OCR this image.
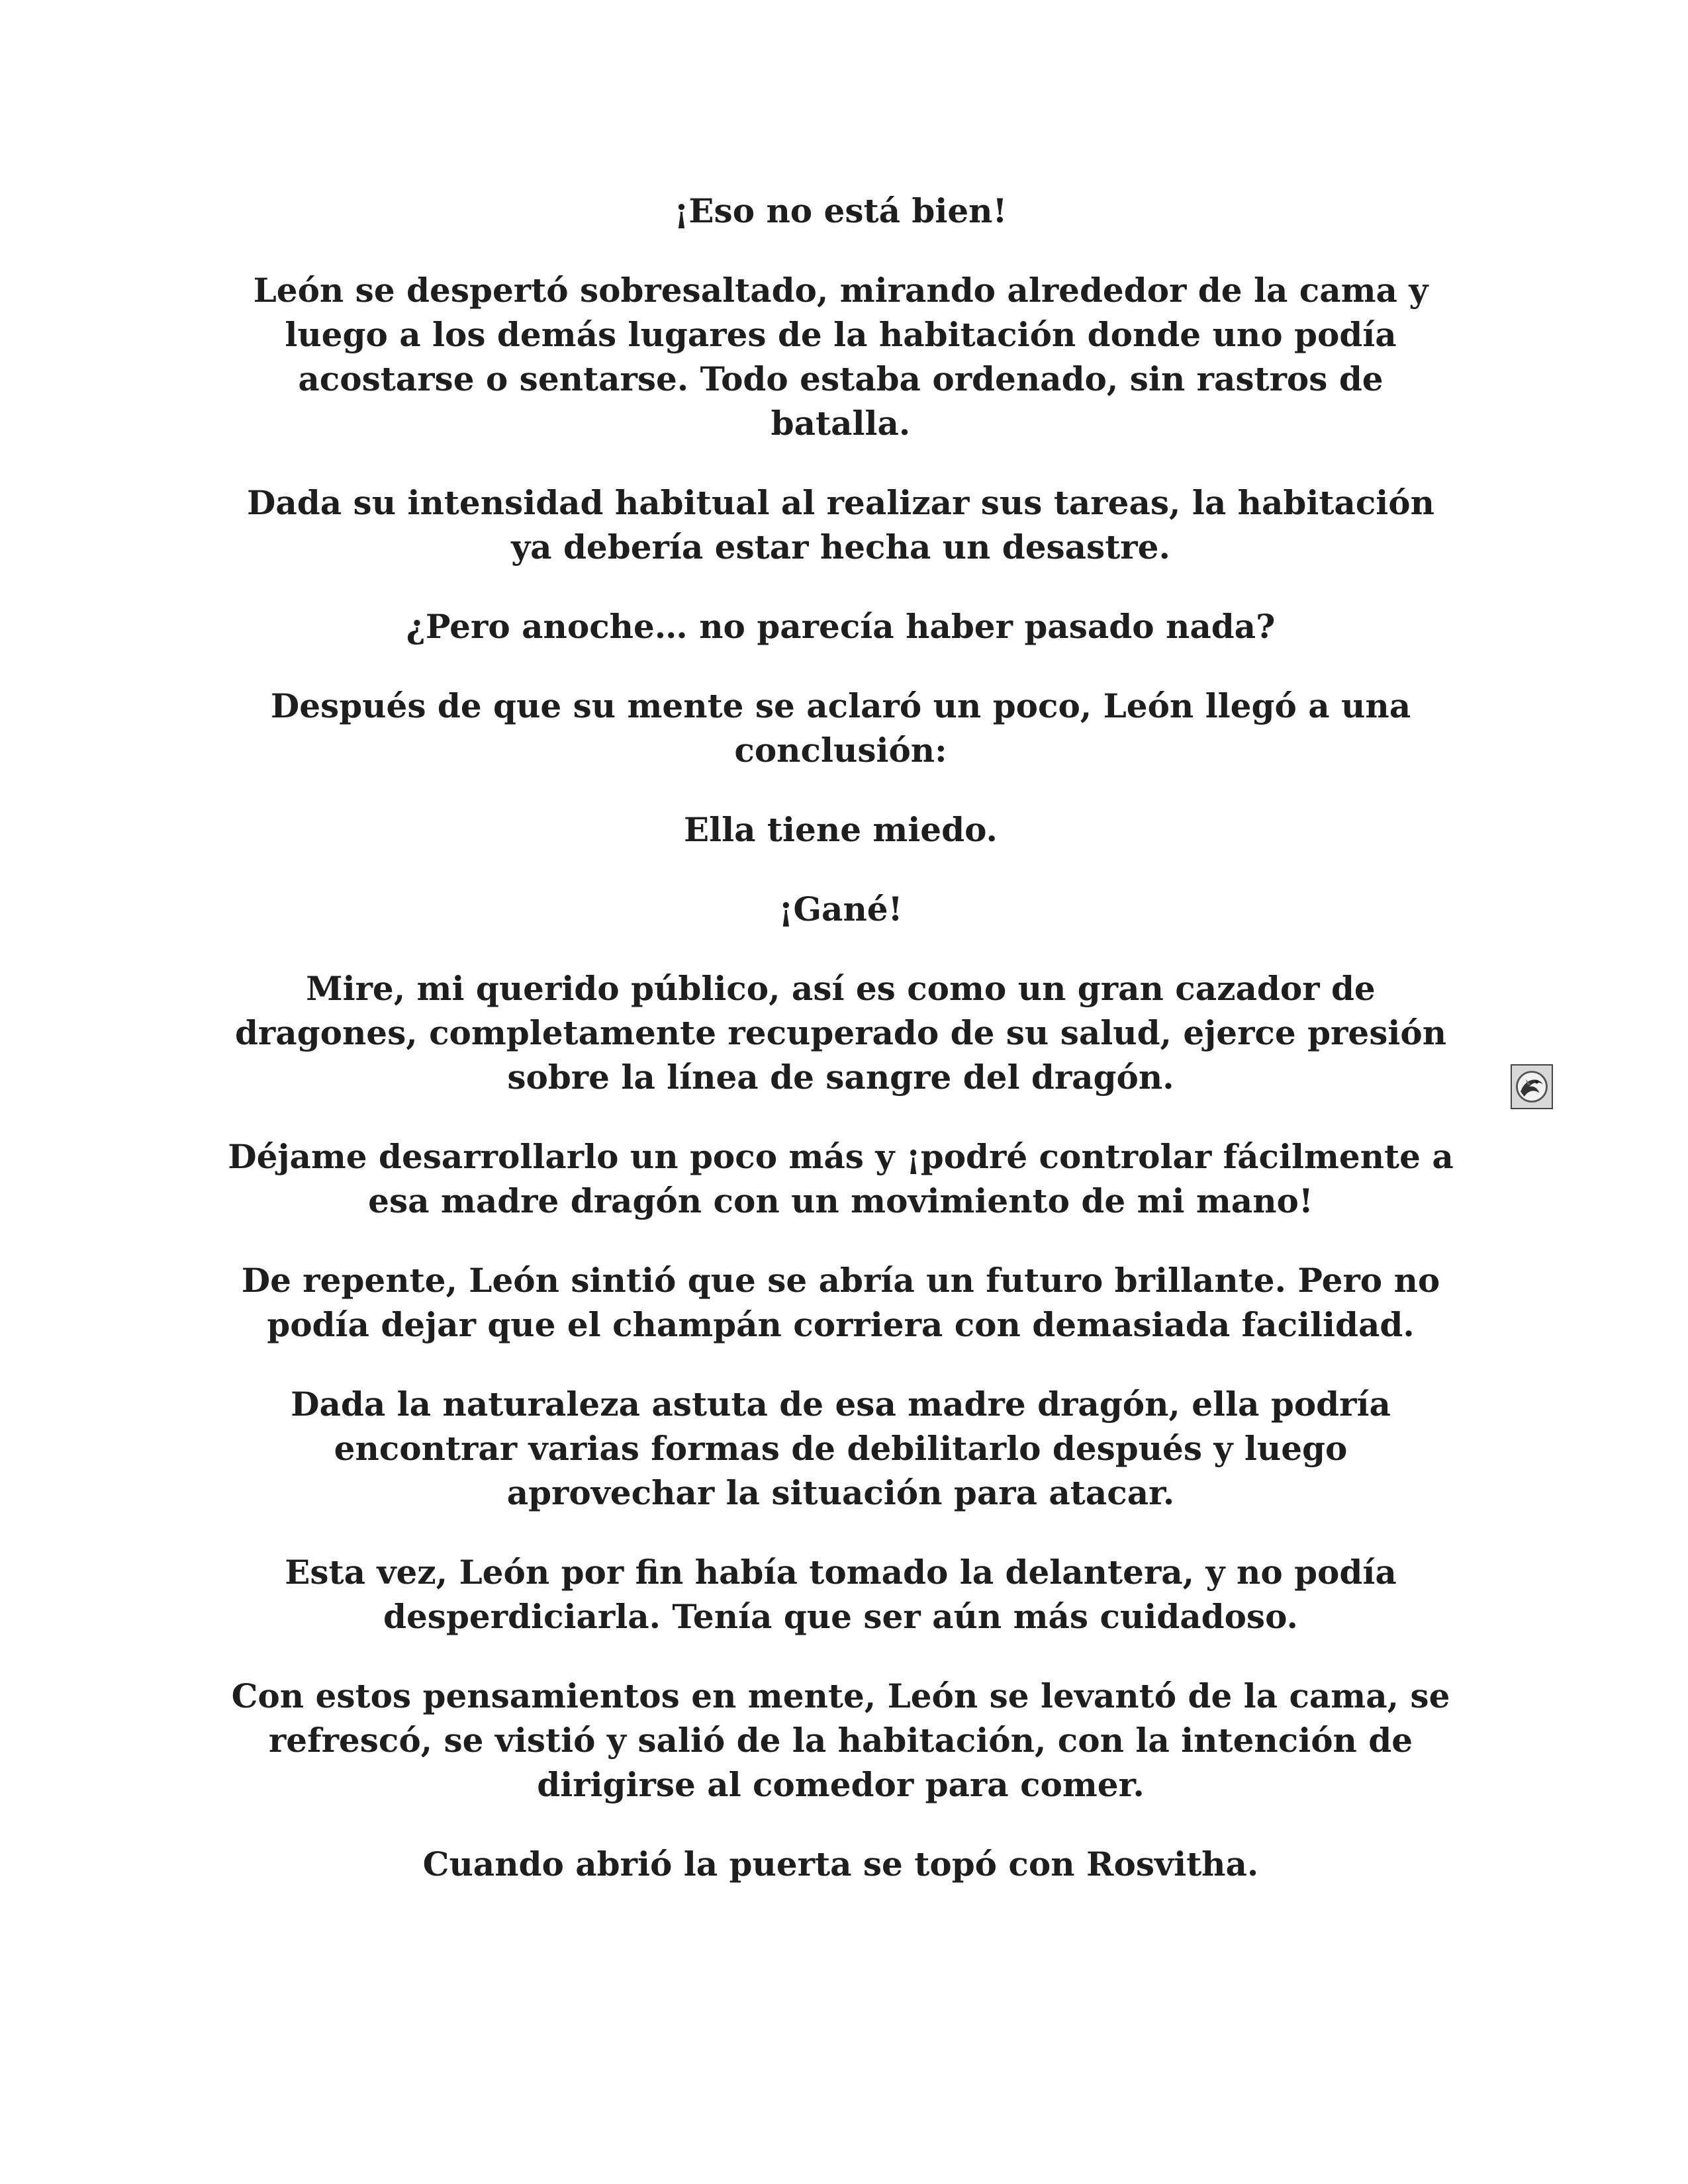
¡Eso no está bien!

León se despertó sobresaltado, mirando alrededor de la cama y luego a los demás lugares de la habitación donde uno podía acostarse o sentarse. Todo estaba ordenado, sin rastros de batalla.

Dada su intensidad habitual al realizar sus tareas, la habitación ya debería estar hecha un desastre.

¿Pero anoche… no parecía haber pasado nada?

Después de que su mente se aclaró un poco, León llegó a una conclusión:

Ella tiene miedo.

¡Gané!

Mire, mi querido público, así es como un gran cazador de dragones, completamente recuperado de su salud, ejerce presión sobre la línea de sangre del dragón.

Déjame desarrollarlo un poco más y ¡podré controlar fácilmente a esa madre dragón con un movimiento de mi mano!

De repente, León sintió que se abría un futuro brillante. Pero no podía dejar que el champán corriera con demasiada facilidad.

Dada la naturaleza astuta de esa madre dragón, ella podría encontrar varias formas de debilitarlo después y luego aprovechar la situación para atacar.

Esta vez, León por fin había tomado la delantera, y no podía desperdiciarla. Tenía que ser aún más cuidadoso.

Con estos pensamientos en mente, León se levantó de la cama, se refrescó, se vistió y salió de la habitación, con la intención de dirigirse al comedor para comer.

Cuando abrió la puerta se topó con Rosvitha.
